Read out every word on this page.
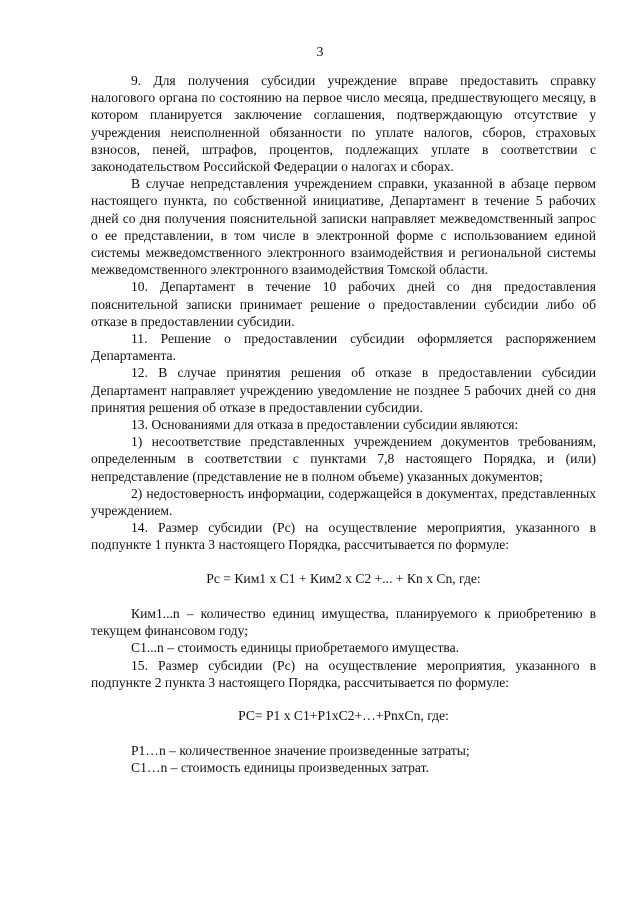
3

9. Для получения субсидии учреждение вправе предоставить справку налогового органа по состоянию на первое число месяца, предшествующего месяцу, в котором планируется заключение соглашения, подтверждающую отсутствие у учреждения неисполненной обязанности по уплате налогов, сборов, страховых взносов, пеней, штрафов, процентов, подлежащих уплате в соответствии с законодательством Российской Федерации о налогах и сборах.

В случае непредставления учреждением справки, указанной в абзаце первом настоящего пункта, по собственной инициативе, Департамент в течение 5 рабочих дней со дня получения пояснительной записки направляет межведомственный запрос о ее представлении, в том числе в электронной форме с использованием единой системы межведомственного электронного взаимодействия и региональной системы межведомственного электронного взаимодействия Томской области.

10. Департамент в течение 10 рабочих дней со дня предоставления пояснительной записки принимает решение о предоставлении субсидии либо об отказе в предоставлении субсидии.

11. Решение о предоставлении субсидии оформляется распоряжением Департамента.

12. В случае принятия решения об отказе в предоставлении субсидии Департамент направляет учреждению уведомление не позднее 5 рабочих дней со дня принятия решения об отказе в предоставлении субсидии.

13. Основаниями для отказа в предоставлении субсидии являются:

1) несоответствие представленных учреждением документов требованиям, определенным в соответствии с пунктами 7,8 настоящего Порядка, и (или) непредставление (представление не в полном объеме) указанных документов;

2) недостоверность информации, содержащейся в документах, представленных учреждением.

14. Размер субсидии (Рс) на осуществление мероприятия, указанного в подпункте 1 пункта 3 настоящего Порядка, рассчитывается по формуле:

Рс = Ким1 x С1 + Ким2 x С2 +... + Кn x Сn, где:

Ким1...n – количество единиц имущества, планируемого к приобретению в текущем финансовом году;

С1...n – стоимость единицы приобретаемого имущества.

15. Размер субсидии (Рс) на осуществление мероприятия, указанного в подпункте 2 пункта 3 настоящего Порядка, рассчитывается по формуле:

РС= Р1 х С1+Р1хС2+…+РnхСn, где:

Р1…n – количественное значение произведенные затраты;

С1…n – стоимость единицы произведенных затрат.
